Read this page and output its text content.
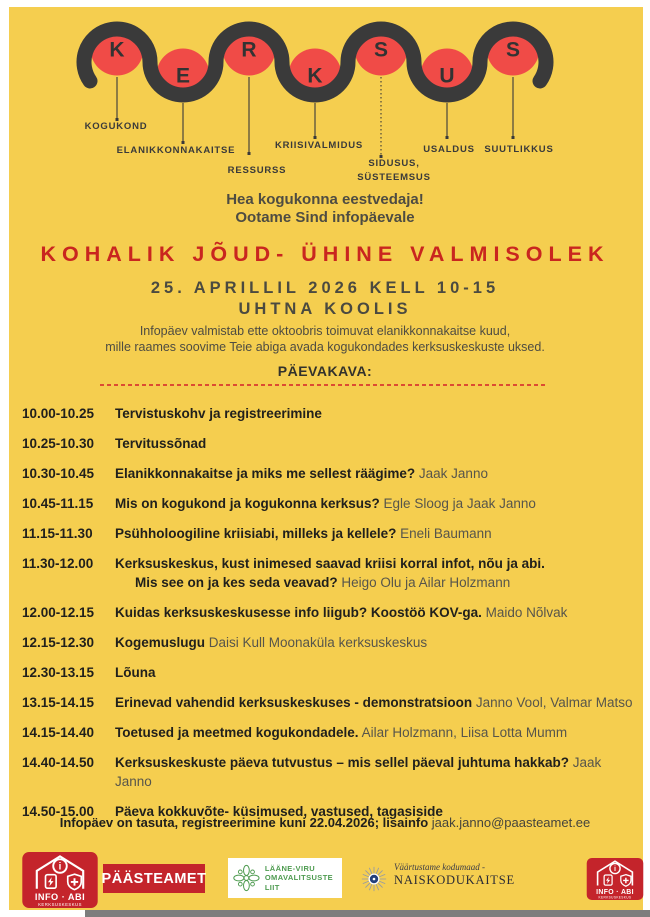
K
E
R
K
S
U
S
KOGUKOND
ELANIKKONNAKAITSE
RESSURSS
KRIISIVALMIDUS
SIDUSUS,
SÜSTEEMSUS
USALDUS SUUTLIKKUS
Hea kogukonna eestvedaja!
Ootame Sind infopäevale
KOHALIK JÕUD- ÜHINE VALMISOLEK
25. APRILLIL 2026 KELL 10-15
UHTNA KOOLIS
Infopäev valmistab ette oktoobris toimuvat elanikkonnakaitse kuud,
mille raames soovime Teie abiga avada kogukondades kerksuskeskuste uksed.
PÄEVAKAVA:
10.00-10.25	Tervistuskohv ja registreerimine
10.25-10.30	Tervitussõnad
10.30-10.45	Elanikkonnakaitse ja miks me sellest räägime? Jaak Janno
10.45-11.15	Mis on kogukond ja kogukonna kerksus? Egle Sloog ja Jaak Janno
11.15-11.30	Psühholoogiline kriisiabi, milleks ja kellele? Eneli Baumann
11.30-12.00	Kerksuskeskus, kust inimesed saavad kriisi korral infot, nõu ja abi.
Mis see on ja kes seda veavad? Heigo Olu ja Ailar Holzmann
12.00-12.15	Kuidas kerksuskeskusesse info liigub? Koostöö KOV-ga. Maido Nõlvak
12.15-12.30	Kogemuslugu Daisi Kull Moonaküla kerksuskeskus
12.30-13.15	Lõuna
13.15-14.15	Erinevad vahendid kerksuskeskuses - demonstratsioon Janno Vool, Valmar Matso
14.15-14.40	Toetused ja meetmed kogukondadele. Ailar Holzmann, Liisa Lotta Mumm
14.40-14.50	Kerksuskeskuste päeva tutvustus – mis sellel päeval juhtuma hakkab? Jaak Janno
14.50-15.00	Päeva kokkuvõte- küsimused, vastused, tagasiside
Infopäev on tasuta, registreerimine kuni 22.04.2026; lisainfo jaak.janno@paasteamet.ee
i
INFO · ABI
KERKSUSKESKUS
PÄÄSTEAMET
LÄÄNE-VIRU
OMAVALITSUSTE LIIT
Väärtustame kodumaad -
NAISKODUKAITSE
i
INFO · ABI
KERKSUSKESKUS
